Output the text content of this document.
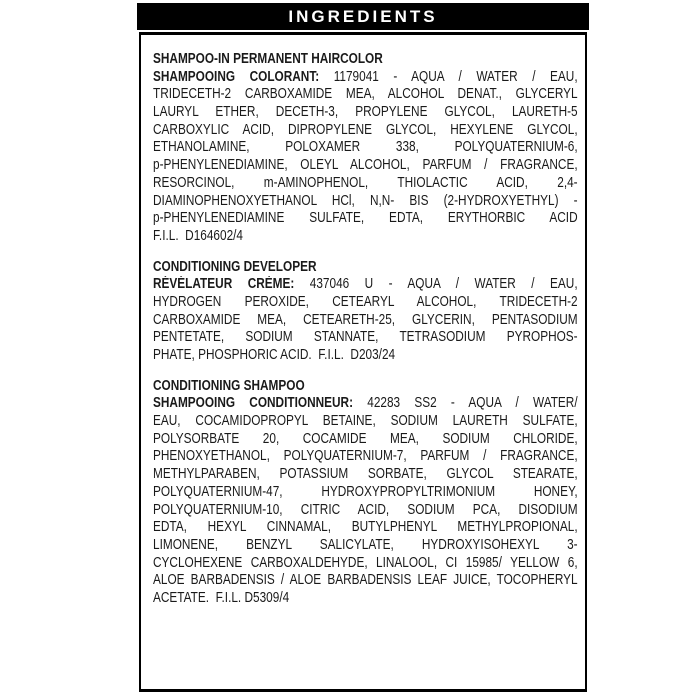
INGREDIENTS
SHAMPOO-IN PERMANENT HAIRCOLOR
SHAMPOOING COLORANT: 1179041 - AQUA / WATER / EAU,
TRIDECETH-2 CARBOXAMIDE MEA, ALCOHOL DENAT., GLYCERYL
LAURYL ETHER, DECETH-3, PROPYLENE GLYCOL, LAURETH-5
CARBOXYLIC ACID, DIPROPYLENE GLYCOL, HEXYLENE GLYCOL,
ETHANOLAMINE, POLOXAMER 338, POLYQUATERNIUM-6,
p-PHENYLENEDIAMINE, OLEYL ALCOHOL, PARFUM / FRAGRANCE,
RESORCINOL, m-AMINOPHENOL, THIOLACTIC ACID, 2,4-
DIAMINOPHENOXYETHANOL HCl, N,N- BIS (2-HYDROXYETHYL) -
p-PHENYLENEDIAMINE SULFATE, EDTA, ERYTHORBIC ACID
F.I.L.  D164602/4
CONDITIONING DEVELOPER
RÉVÉLATEUR CRÈME: 437046 U - AQUA / WATER / EAU,
HYDROGEN PEROXIDE, CETEARYL ALCOHOL, TRIDECETH-2
CARBOXAMIDE MEA, CETEARETH-25, GLYCERIN, PENTASODIUM
PENTETATE, SODIUM STANNATE, TETRASODIUM PYROPHOS-
PHATE, PHOSPHORIC ACID.  F.I.L.  D203/24
CONDITIONING SHAMPOO
SHAMPOOING CONDITIONNEUR: 42283 SS2 - AQUA / WATER/
EAU, COCAMIDOPROPYL BETAINE, SODIUM LAURETH SULFATE,
POLYSORBATE 20, COCAMIDE MEA, SODIUM CHLORIDE,
PHENOXYETHANOL, POLYQUATERNIUM-7, PARFUM / FRAGRANCE,
METHYLPARABEN, POTASSIUM SORBATE, GLYCOL STEARATE,
POLYQUATERNIUM-47, HYDROXYPROPYLTRIMONIUM HONEY,
POLYQUATERNIUM-10, CITRIC ACID, SODIUM PCA, DISODIUM
EDTA, HEXYL CINNAMAL, BUTYLPHENYL METHYLPROPIONAL,
LIMONENE, BENZYL SALICYLATE, HYDROXYISOHEXYL 3-
CYCLOHEXENE CARBOXALDEHYDE, LINALOOL, CI 15985/ YELLOW 6,
ALOE BARBADENSIS / ALOE BARBADENSIS LEAF JUICE, TOCOPHERYL
ACETATE.  F.I.L. D5309/4
